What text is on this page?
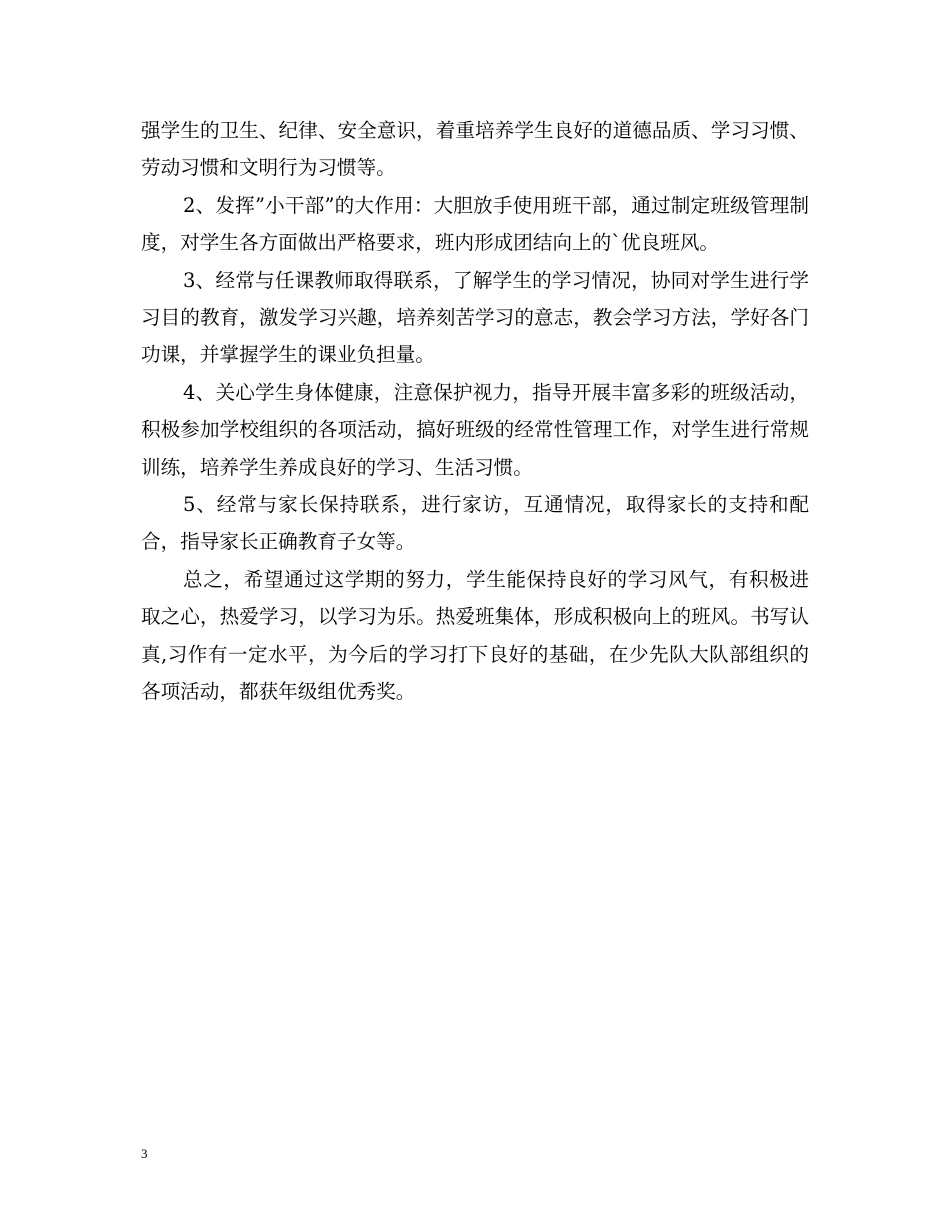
强学生的卫生、纪律、安全意识，着重培养学生良好的道德品质、学习习惯、劳动习惯和文明行为习惯等。

2、发挥”小干部”的大作用：大胆放手使用班干部，通过制定班级管理制度，对学生各方面做出严格要求，班内形成团结向上的`优良班风。

3、经常与任课教师取得联系，了解学生的学习情况，协同对学生进行学习目的教育，激发学习兴趣，培养刻苦学习的意志，教会学习方法，学好各门功课，并掌握学生的课业负担量。

4、关心学生身体健康，注意保护视力，指导开展丰富多彩的班级活动，积极参加学校组织的各项活动，搞好班级的经常性管理工作，对学生进行常规训练，培养学生养成良好的学习、生活习惯。

5、经常与家长保持联系，进行家访，互通情况，取得家长的支持和配合，指导家长正确教育子女等。

总之，希望通过这学期的努力，学生能保持良好的学习风气，有积极进取之心，热爱学习，以学习为乐。热爱班集体，形成积极向上的班风。书写认真,习作有一定水平，为今后的学习打下良好的基础，在少先队大队部组织的各项活动，都获年级组优秀奖。

3
